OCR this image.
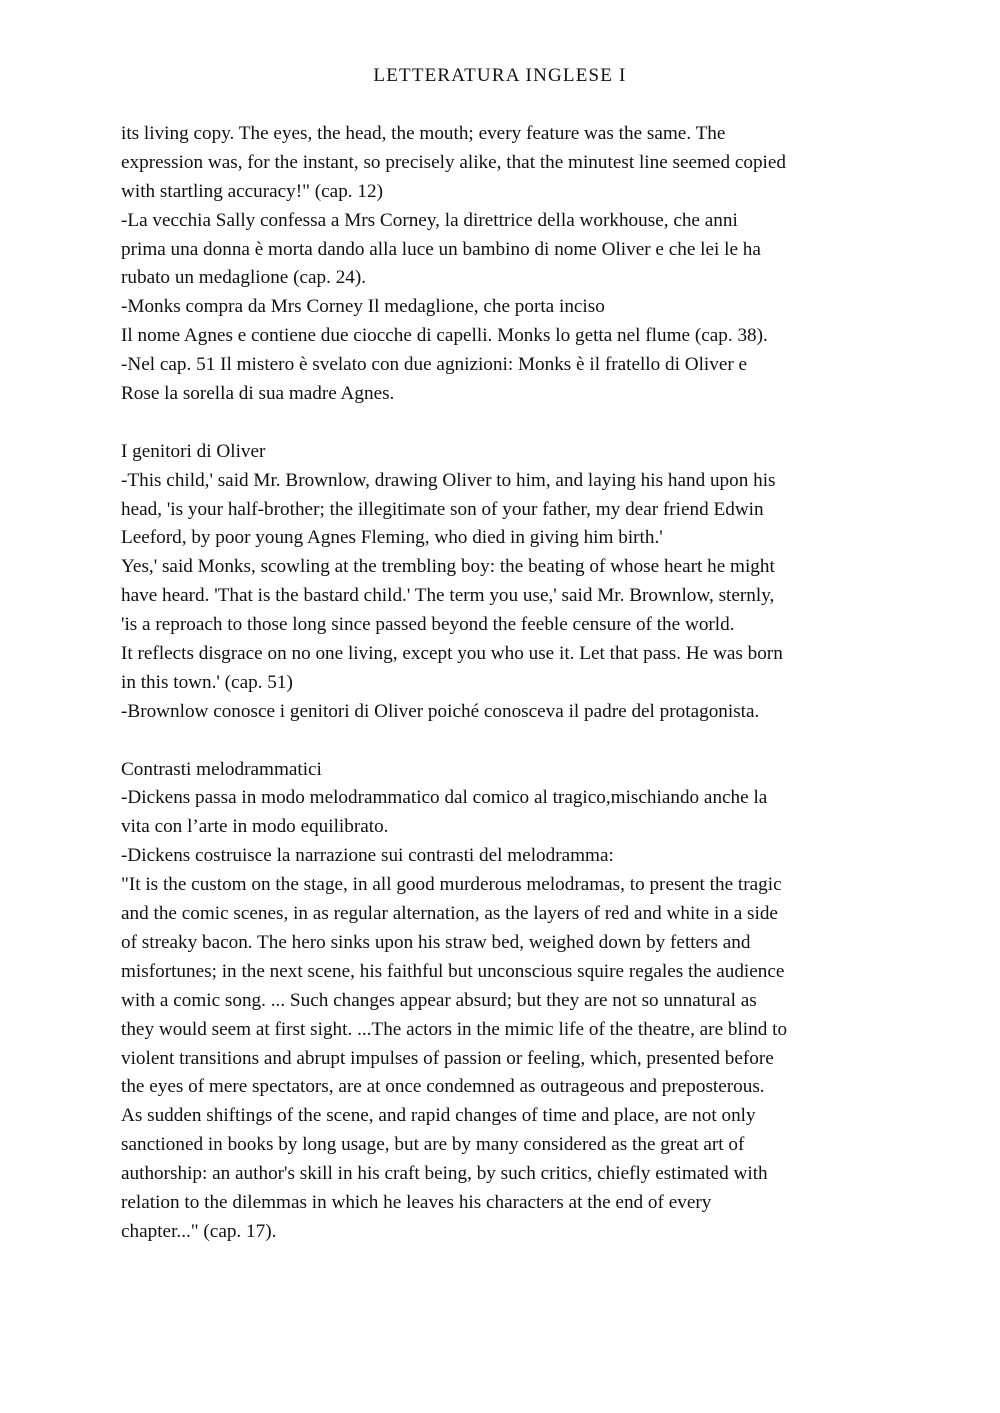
LETTERATURA INGLESE I
its living copy. The eyes, the head, the mouth; every feature was the same. The
expression was, for the instant, so precisely alike, that the minutest line seemed copied
with startling accuracy!" (cap. 12)
-La vecchia Sally confessa a Mrs Corney, la direttrice della workhouse, che anni
prima una donna è morta dando alla luce un bambino di nome Oliver e che lei le ha
rubato un medaglione (cap. 24).
-Monks compra da Mrs Corney Il medaglione, che porta inciso
Il nome Agnes e contiene due ciocche di capelli. Monks lo getta nel flume (cap. 38).
-Nel cap. 51 Il mistero è svelato con due agnizioni: Monks è il fratello di Oliver e
Rose la sorella di sua madre Agnes.
I genitori di Oliver
-This child,' said Mr. Brownlow, drawing Oliver to him, and laying his hand upon his
head, 'is your half-brother; the illegitimate son of your father, my dear friend Edwin
Leeford, by poor young Agnes Fleming, who died in giving him birth.'
Yes,' said Monks, scowling at the trembling boy: the beating of whose heart he might
have heard. 'That is the bastard child.' The term you use,' said Mr. Brownlow, sternly,
'is a reproach to those long since passed beyond the feeble censure of the world.
It reflects disgrace on no one living, except you who use it. Let that pass. He was born
in this town.' (cap. 51)
-Brownlow conosce i genitori di Oliver poiché conosceva il padre del protagonista.
Contrasti melodrammatici
-Dickens passa in modo melodrammatico dal comico al tragico,mischiando anche la
vita con l’arte in modo equilibrato.
-Dickens costruisce la narrazione sui contrasti del melodramma:
"It is the custom on the stage, in all good murderous melodramas, to present the tragic
and the comic scenes, in as regular alternation, as the layers of red and white in a side
of streaky bacon. The hero sinks upon his straw bed, weighed down by fetters and
misfortunes; in the next scene, his faithful but unconscious squire regales the audience
with a comic song. ... Such changes appear absurd; but they are not so unnatural as
they would seem at first sight. ...The actors in the mimic life of the theatre, are blind to
violent transitions and abrupt impulses of passion or feeling, which, presented before
the eyes of mere spectators, are at once condemned as outrageous and preposterous.
As sudden shiftings of the scene, and rapid changes of time and place, are not only
sanctioned in books by long usage, but are by many considered as the great art of
authorship: an author's skill in his craft being, by such critics, chiefly estimated with
relation to the dilemmas in which he leaves his characters at the end of every
chapter..." (cap. 17).
